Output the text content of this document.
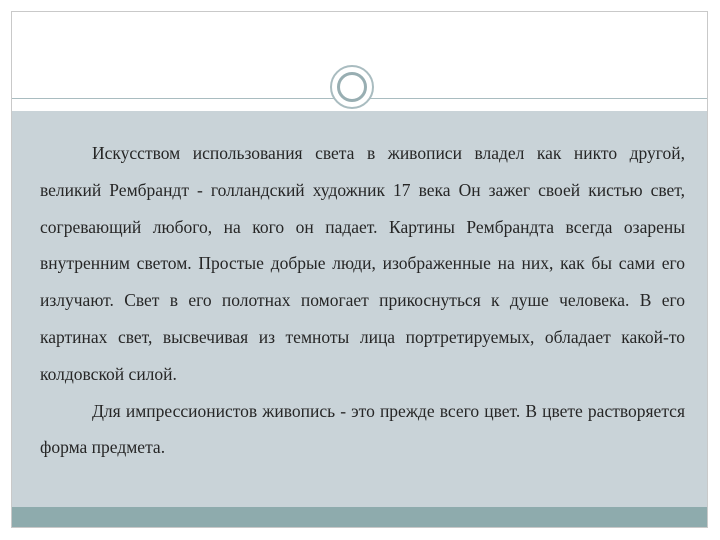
Искусством использования света в живописи владел как никто другой, великий Рембрандт - голландский художник 17 века Он зажег своей кистью свет, согревающий любого, на кого он падает. Картины Рембрандта всегда озарены внутренним светом. Простые добрые люди, изображенные на них, как бы сами его излучают. Свет в его полотнах помогает прикоснуться к душе человека. В его картинах свет, высвечивая из темноты лица портретируемых, обладает какой-то колдовской силой.

Для импрессионистов живопись - это прежде всего цвет. В цвете растворяется форма предмета.
